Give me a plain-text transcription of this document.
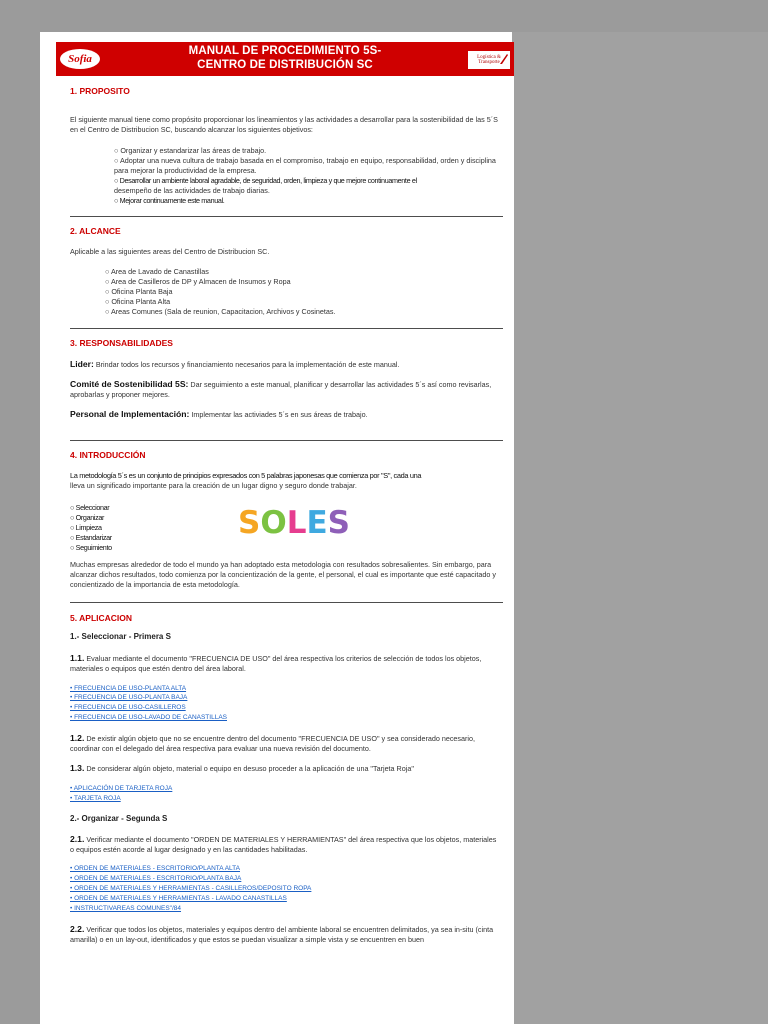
Sofia
MANUAL DE PROCEDIMIENTO 5S-
CENTRO DE DISTRIBUCIÓN SC
Logística & Transporte
1. PROPOSITO
El siguiente manual tiene como propósito proporcionar los lineamientos y las actividades a desarrollar para la sostenibilidad de las 5´S en el Centro de Distribucion SC, buscando alcanzar los siguientes objetivos:
○ Organizar y estandarizar las áreas de trabajo.
○ Adoptar una nueva cultura de trabajo basada en el compromiso, trabajo en equipo, responsabilidad, orden y disciplina para mejorar la productividad de la empresa.
○ Desarrollar un ambiente laboral agradable, de seguridad, orden, limpieza y que mejore continuamente el
desempeño de las actividades de trabajo diarias.
○ Mejorar continuamente este manual.
2. ALCANCE
Aplicable a las siguientes areas del Centro de Distribucion SC.
○ Area de Lavado de Canastillas
○ Area de Casilleros de DP y Almacen de Insumos y Ropa
○ Oficina Planta Baja
○ Oficina Planta Alta
○ Areas Comunes (Sala de reunion, Capacitacion, Archivos y Cosinetas.
3. RESPONSABILIDADES
Lider: Brindar todos los recursos y financiamiento necesarios para la implementación de este manual.
Comité de Sostenibilidad 5S: Dar seguimiento a este manual, planificar y desarrollar las actividades 5´s así como revisarlas, aprobarlas y proponer mejores.
Personal de Implementación: Implementar las activiades 5´s en sus áreas de trabajo.
4. INTRODUCCIÓN
La metodología 5´s es un conjunto de principios expresados con 5 palabras japonesas que comienza por "S", cada una
lleva un significado importante para la creación de un lugar digno y seguro donde trabajar.
○ Seleccionar
○ Organizar
○ Limpieza
○ Estandarizar
○ Seguimiento
SOLES
Muchas empresas alrededor de todo el mundo ya han adoptado esta metodologia con resultados sobresalientes. Sin embargo, para alcanzar dichos resultados, todo comienza por la concientización de la gente, el personal, el cual es importante que esté capacitado y concientizado de la importancia de esta metodología.
5. APLICACION
1.- Seleccionar - Primera S
1.1. Evaluar mediante el documento "FRECUENCIA DE USO" del área respectiva los criterios de selección de todos los objetos, materiales o equipos que estén dentro del área laboral.
• FRECUENCIA DE USO-PLANTA ALTA
• FRECUENCIA DE USO-PLANTA BAJA
• FRECUENCIA DE USO-CASILLEROS
• FRECUENCIA DE USO-LAVADO DE CANASTILLAS
1.2. De existir algún objeto que no se encuentre dentro del documento "FRECUENCIA DE USO" y sea considerado necesario, coordinar con el delegado del área respectiva para evaluar una nueva revisión del documento.
1.3. De considerar algún objeto, material o equipo en desuso proceder a la aplicación de una "Tarjeta Roja"
• APLICACIÓN DE TARJETA ROJA
• TARJETA ROJA
2.- Organizar - Segunda S
2.1. Verificar mediante el documento "ORDEN DE MATERIALES Y HERRAMIENTAS" del área respectiva que los objetos, materiales o equipos estén acorde al lugar designado y en las cantidades habilitadas.
• ORDEN DE MATERIALES - ESCRITORIO/PLANTA ALTA
• ORDEN DE MATERIALES - ESCRITORIO/PLANTA BAJA
• ORDEN DE MATERIALES Y HERRAMIENTAS - CASILLEROS/DEPOSITO ROPA
• ORDEN DE MATERIALES Y HERRAMIENTAS - LAVADO CANASTILLAS
• INSTRUCTIVAREAS COMUNES"/84
2.2. Verificar que todos los objetos, materiales y equipos dentro del ambiente laboral se encuentren delimitados, ya sea in-situ (cinta amarilla) o en un lay-out, identificados y que estos se puedan visualizar a simple vista y se encuentren en buen
